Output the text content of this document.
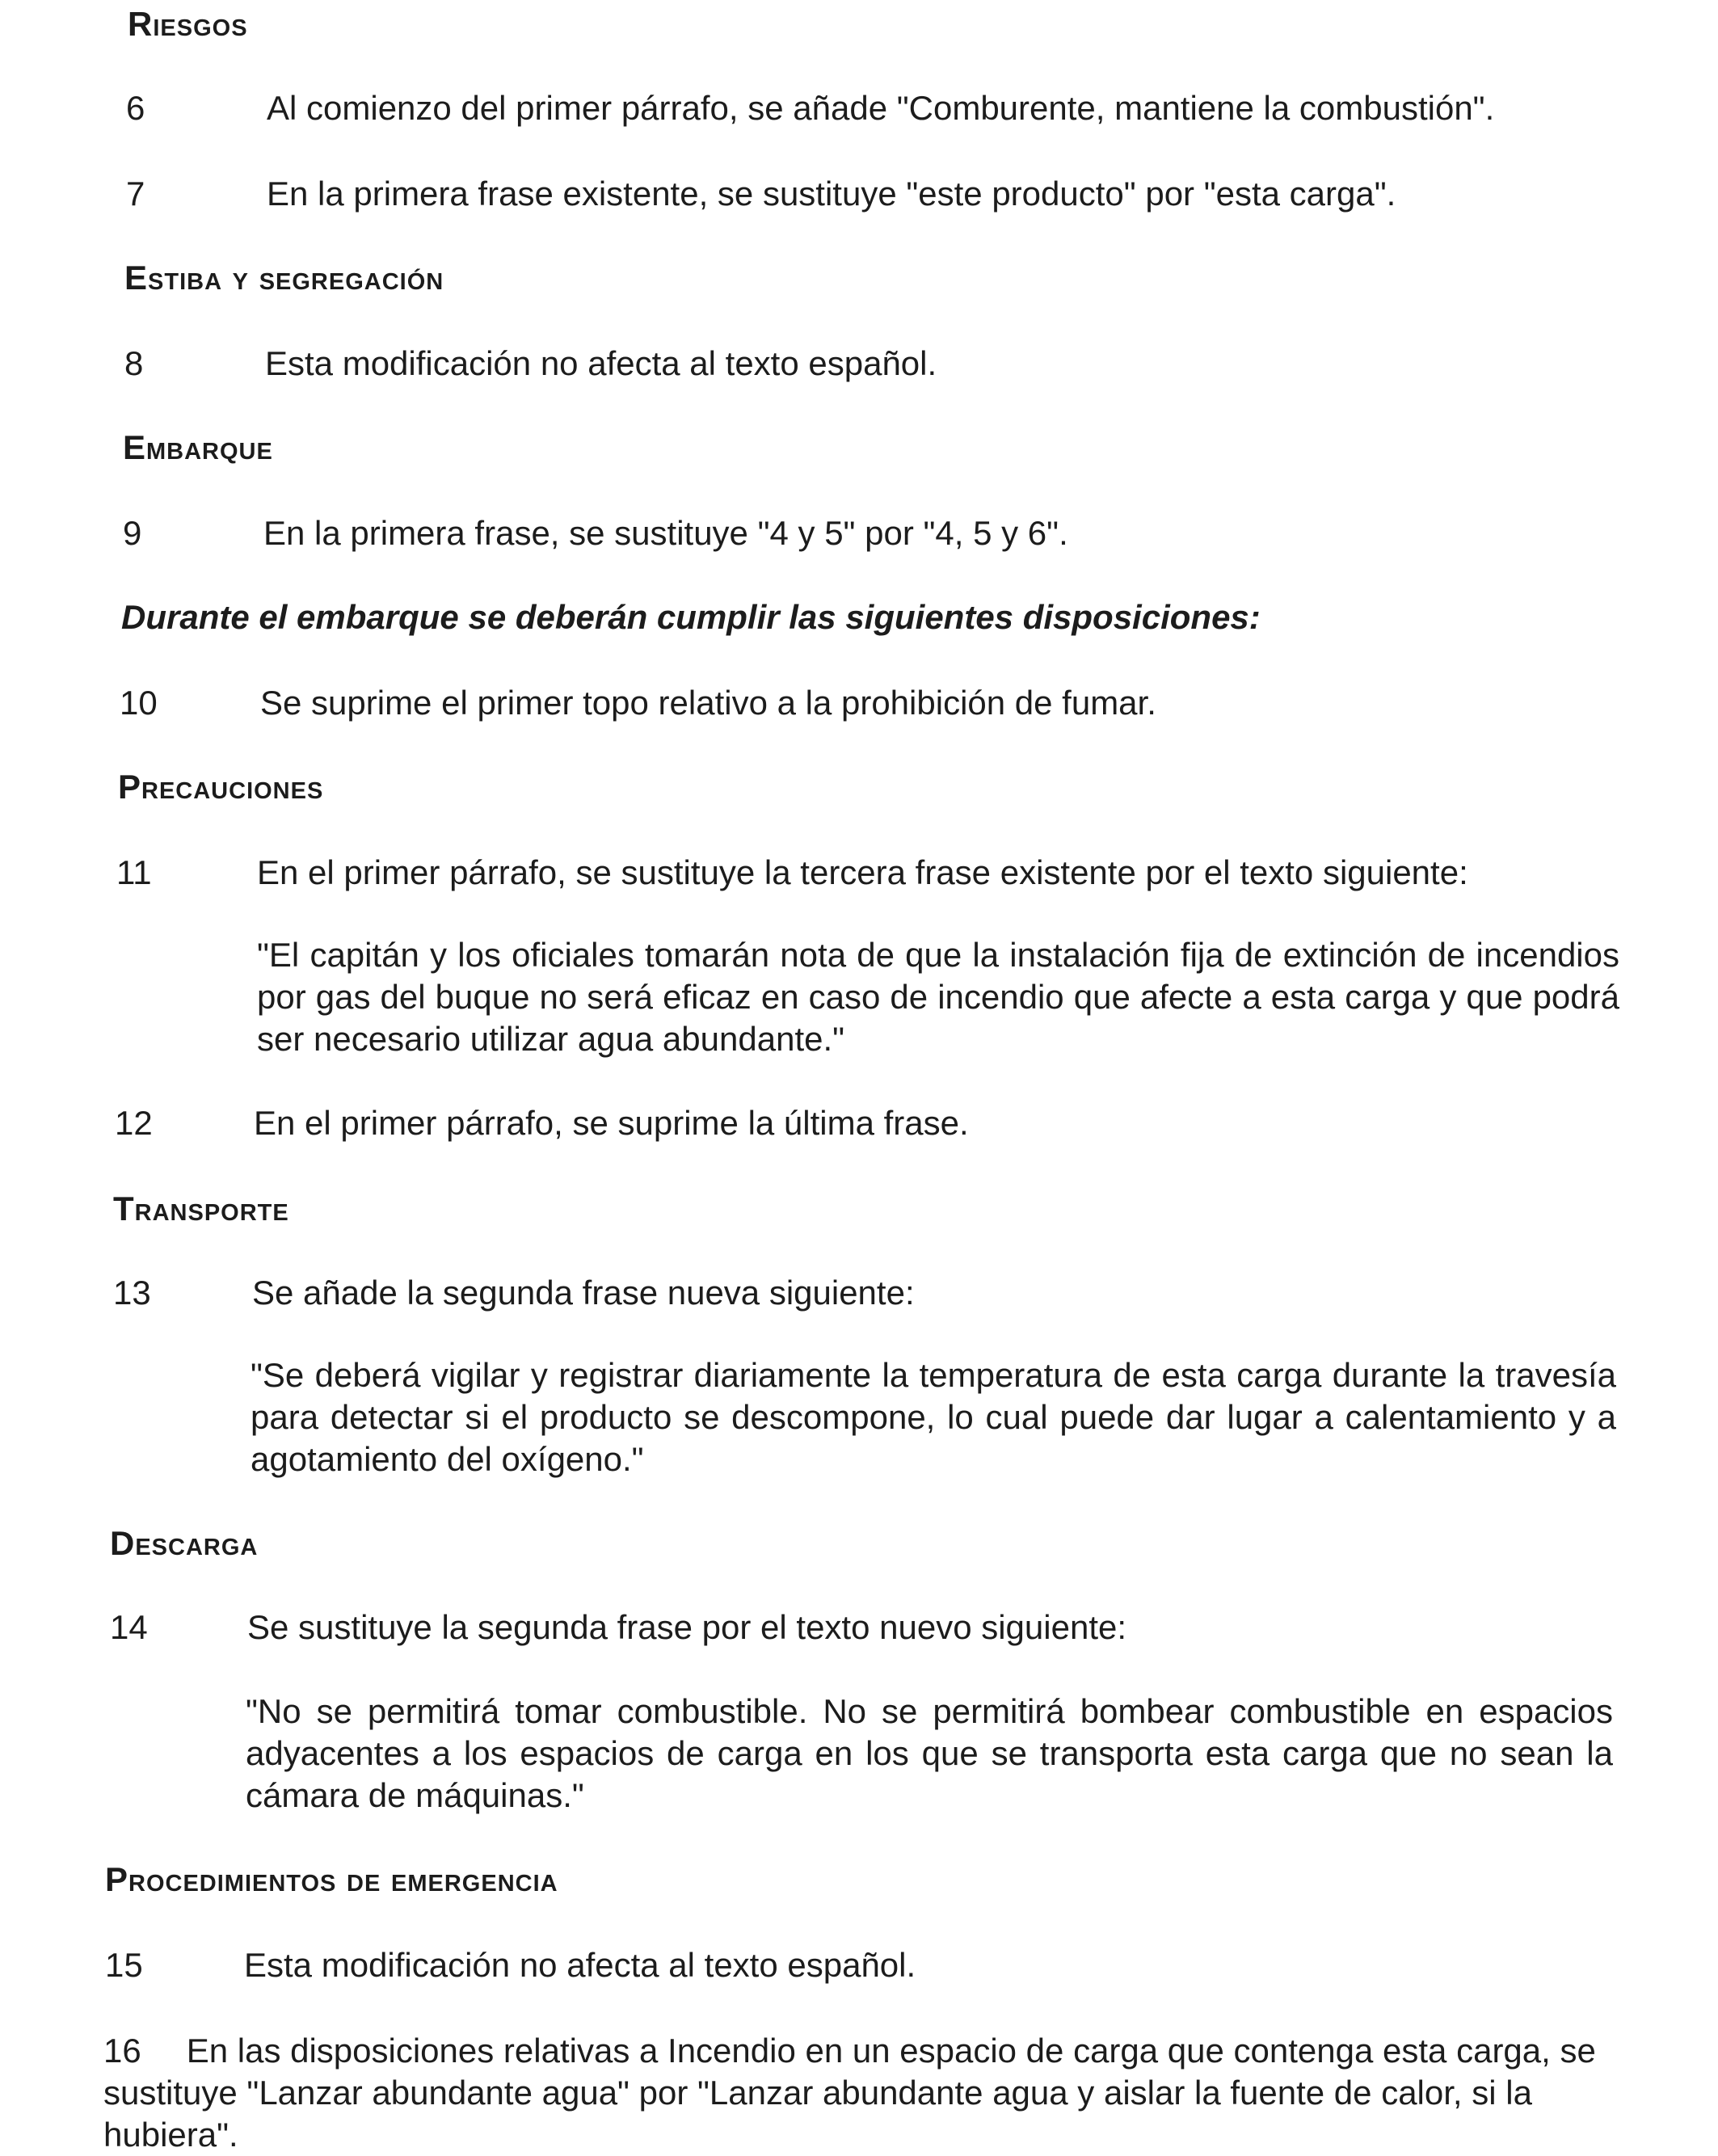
Riesgos
6	Al comienzo del primer párrafo, se añade "Comburente, mantiene la combustión".
7	En la primera frase existente, se sustituye "este producto" por "esta carga".
Estiba y segregación
8	Esta modificación no afecta al texto español.
Embarque
9	En la primera frase, se sustituye "4 y 5" por "4, 5 y 6".
Durante el embarque se deberán cumplir las siguientes disposiciones:
10	Se suprime el primer topo relativo a la prohibición de fumar.
Precauciones
11	En el primer párrafo, se sustituye la tercera frase existente por el texto siguiente:
"El capitán y los oficiales tomarán nota de que la instalación fija de extinción de incendios por gas del buque no será eficaz en caso de incendio que afecte a esta carga y que podrá ser necesario utilizar agua abundante."
12	En el primer párrafo, se suprime la última frase.
Transporte
13	Se añade la segunda frase nueva siguiente:
"Se deberá vigilar y registrar diariamente la temperatura de esta carga durante la travesía para detectar si el producto se descompone, lo cual puede dar lugar a calentamiento y a agotamiento del oxígeno."
Descarga
14	Se sustituye la segunda frase por el texto nuevo siguiente:
"No se permitirá tomar combustible. No se permitirá bombear combustible en espacios adyacentes a los espacios de carga en los que se transporta esta carga que no sean la cámara de máquinas."
Procedimientos de emergencia
15	Esta modificación no afecta al texto español.
16 En las disposiciones relativas a Incendio en un espacio de carga que contenga esta carga, se sustituye "Lanzar abundante agua" por "Lanzar abundante agua y aislar la fuente de calor, si la hubiera".
